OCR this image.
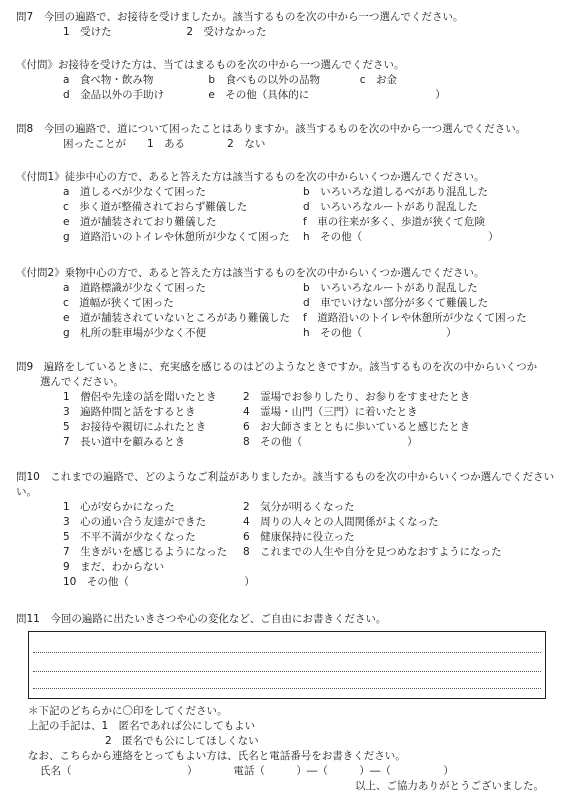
問7　今回の遍路で、お接待を受けましたか。該当するものを次の中から一つ選んでください。
1　受けた	2　受けなかった
《付問》お接待を受けた方は、当てはまるものを次の中から一つ選んでください。
a　食べ物・飲み物	b　食べもの以外の品物	c　お金
d　金品以外の手助け	e　その他（具体的に　　　　　　　　　　　　）
問8　今回の遍路で、道について困ったことはありますか。該当するものを次の中から一つ選んでください。
困ったことが　　1　ある　　　　2　ない
《付問1》徒歩中心の方で、あると答えた方は該当するものを次の中からいくつか選んでください。
a　道しるべが少なくて困った	b　いろいろな道しるべがあり混乱した
c　歩く道が整備されておらず難儀した	d　いろいろなルートがあり混乱した
e　道が舗装されており難儀した	f　車の往来が多く、歩道が狭くて危険
g　道路沿いのトイレや休憩所が少なくて困った	h　その他（　　　　　　　　　　　　）
《付問2》乗物中心の方で、あると答えた方は該当するものを次の中からいくつか選んでください。
a　道路標識が少なくて困った	b　いろいろなルートがあり混乱した
c　道幅が狭くて困った	d　車でいけない部分が多くて難儀した
e　道が舗装されていないところがあり難儀した	f　道路沿いのトイレや休憩所が少なくて困った
g　札所の駐車場が少なく不便	h　その他（　　　　　　　　）
問9　遍路をしているときに、充実感を感じるのはどのようなときですか。該当するものを次の中からいくつか
選んでください。
1　僧侶や先達の話を聞いたとき	2　霊場でお参りしたり、お参りをすませたとき
3　遍路仲間と話をするとき	4　霊場・山門（三門）に着いたとき
5　お接待や親切にふれたとき	6　お大師さまとともに歩いていると感じたとき
7　長い道中を顧みるとき	8　その他（　　　　　　　　　　）
問10　これまでの遍路で、どのようなご利益がありましたか。該当するものを次の中からいくつか選んでください
い。
1　心が安らかになった	2　気分が明るくなった
3　心の通い合う友達ができた	4　周りの人々との人間関係がよくなった
5　不平不満が少なくなった	6　健康保持に役立った
7　生きがいを感じるようになった	8　これまでの人生や自分を見つめなおすようになった
9　まだ、わからない
10　その他（　　　　　　　　　　　）
問11　今回の遍路に出たいきさつや心の変化など、ご自由にお書きください。
＊下記のどちらかに〇印をしてください。
上記の手記は、1　匿名であれば公にしてもよい
2　匿名でも公にしてほしくない
なお、こちらから連絡をとってもよい方は、氏名と電話番号をお書きください。
氏名（　　　　　　　　　　　）	電話（　　　）―（　　　）―（　　　　　）
以上、ご協力ありがとうございました。
